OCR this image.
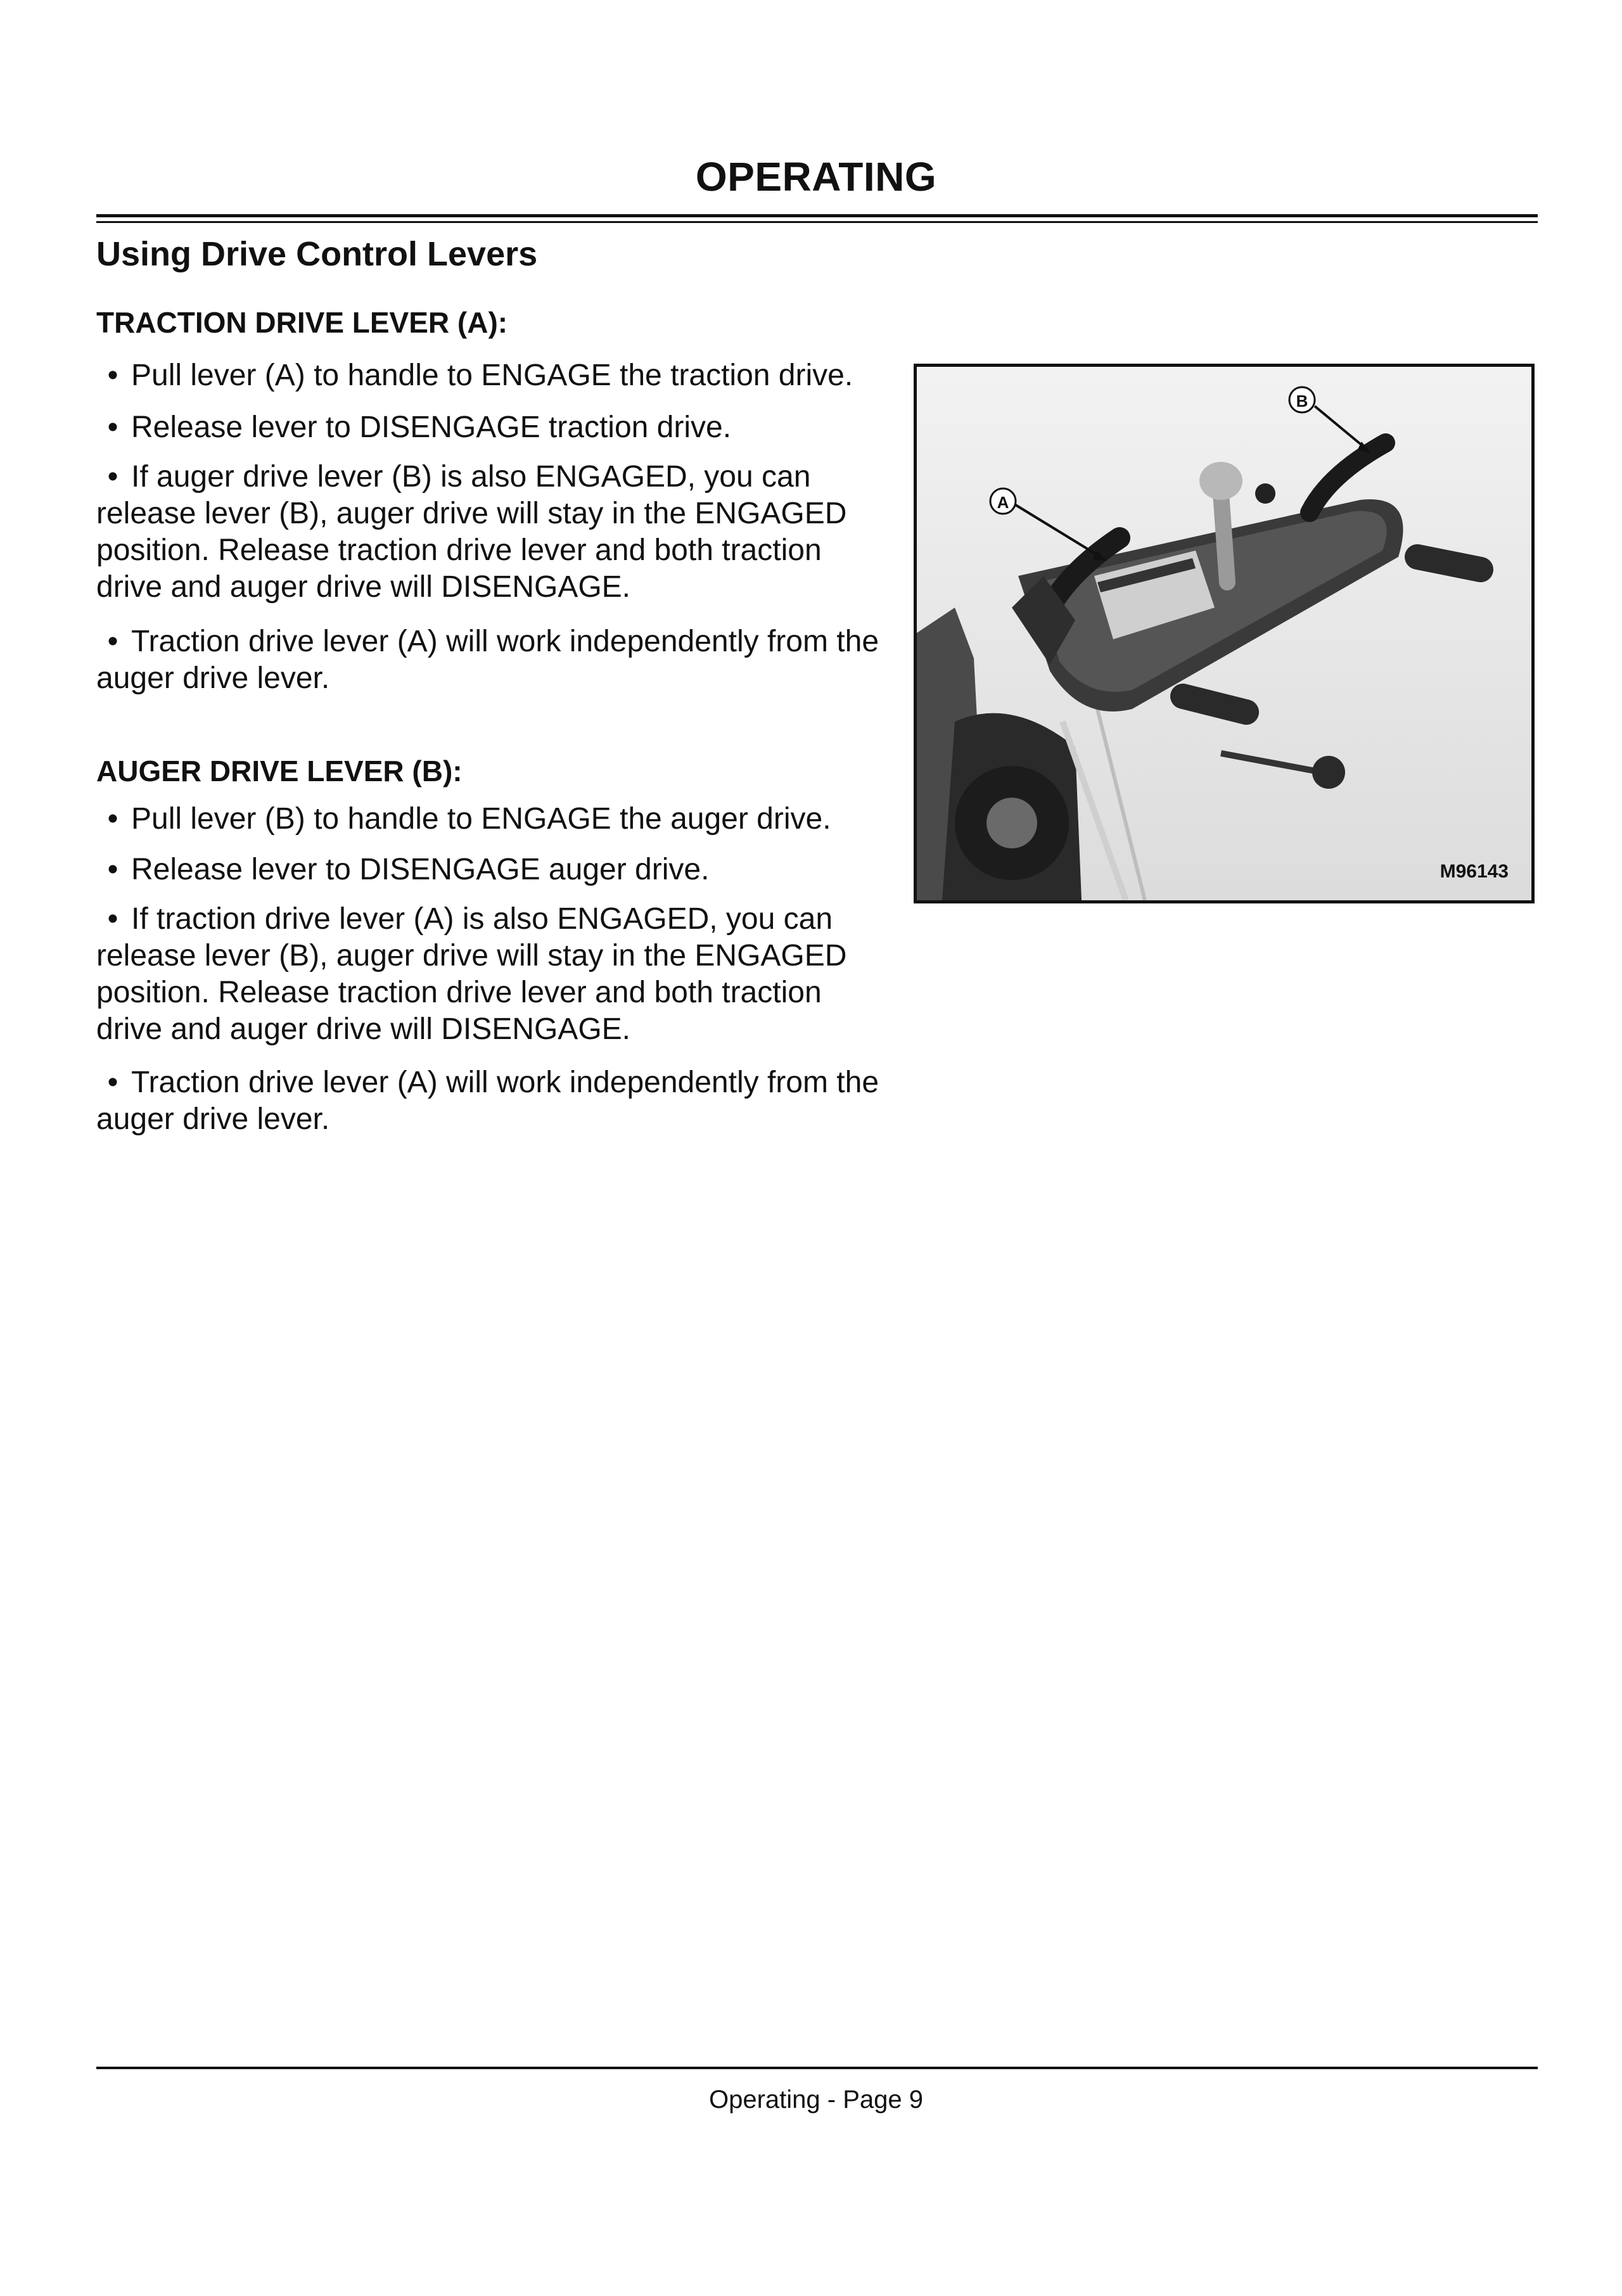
OPERATING
Using Drive Control Levers
TRACTION DRIVE LEVER (A):
• Pull lever (A) to handle to ENGAGE the traction drive.
• Release lever to DISENGAGE traction drive.
• If auger drive lever (B) is also ENGAGED, you can release lever (B), auger drive will stay in the ENGAGED position. Release traction drive lever and both traction drive and auger drive will DISENGAGE.
• Traction drive lever (A) will work independently from the auger drive lever.
AUGER DRIVE LEVER (B):
• Pull lever (B) to handle to ENGAGE the auger drive.
• Release lever to DISENGAGE auger drive.
• If traction drive lever (A) is also ENGAGED, you can release lever (B), auger drive will stay in the ENGAGED position. Release traction drive lever and both traction drive and auger drive will DISENGAGE.
• Traction drive lever (A) will work independently from the auger drive lever.
A
B
M96143
Operating - Page 9
